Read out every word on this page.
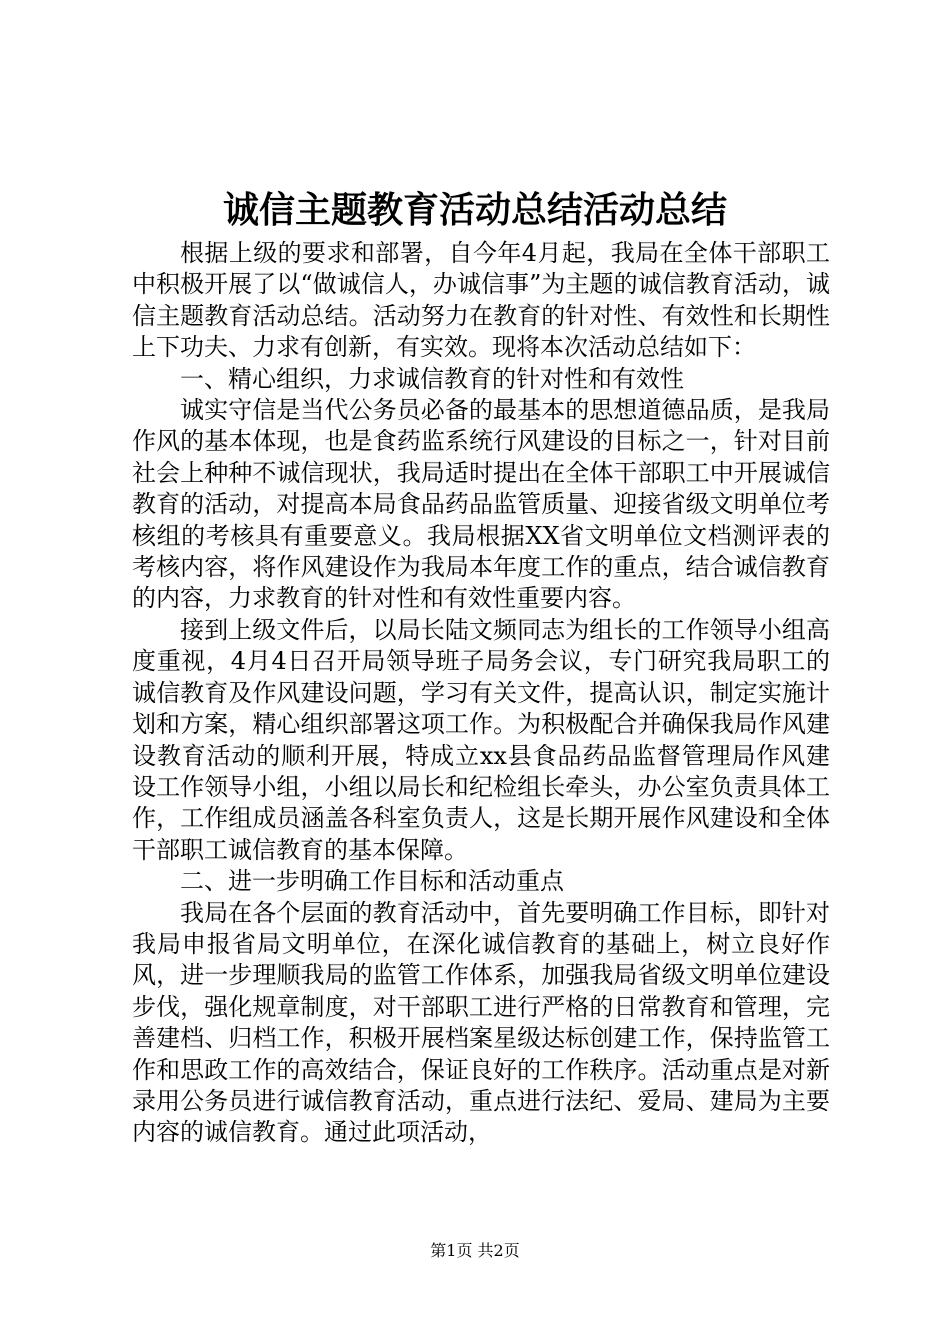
诚信主题教育活动总结活动总结

根据上级的要求和部署，自今年4月起，我局在全体干部职工中积极开展了以“做诚信人，办诚信事”为主题的诚信教育活动，诚信主题教育活动总结。活动努力在教育的针对性、有效性和长期性上下功夫、力求有创新，有实效。现将本次活动总结如下：

一、精心组织，力求诚信教育的针对性和有效性

诚实守信是当代公务员必备的最基本的思想道德品质，是我局作风的基本体现，也是食药监系统行风建设的目标之一，针对目前社会上种种不诚信现状，我局适时提出在全体干部职工中开展诚信教育的活动，对提高本局食品药品监管质量、迎接省级文明单位考核组的考核具有重要意义。我局根据XX省文明单位文档测评表的考核内容，将作风建设作为我局本年度工作的重点，结合诚信教育的内容，力求教育的针对性和有效性重要内容。

接到上级文件后，以局长陆文频同志为组长的工作领导小组高度重视，4月4日召开局领导班子局务会议，专门研究我局职工的诚信教育及作风建设问题，学习有关文件，提高认识，制定实施计划和方案，精心组织部署这项工作。为积极配合并确保我局作风建设教育活动的顺利开展，特成立xx县食品药品监督管理局作风建设工作领导小组，小组以局长和纪检组长牵头，办公室负责具体工作，工作组成员涵盖各科室负责人，这是长期开展作风建设和全体干部职工诚信教育的基本保障。

二、进一步明确工作目标和活动重点

我局在各个层面的教育活动中，首先要明确工作目标，即针对我局申报省局文明单位，在深化诚信教育的基础上，树立良好作风，进一步理顺我局的监管工作体系，加强我局省级文明单位建设步伐，强化规章制度，对干部职工进行严格的日常教育和管理，完善建档、归档工作，积极开展档案星级达标创建工作，保持监管工作和思政工作的高效结合，保证良好的工作秩序。活动重点是对新录用公务员进行诚信教育活动，重点进行法纪、爱局、建局为主要内容的诚信教育。通过此项活动，

第1页 共2页
